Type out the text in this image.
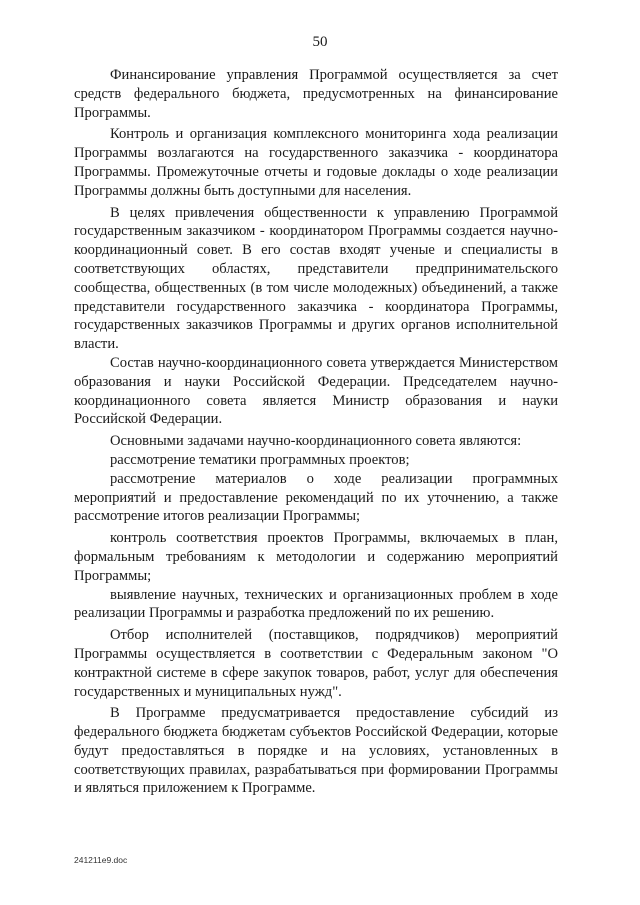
50

Финансирование управления Программой осуществляется за счет средств федерального бюджета, предусмотренных на финансирование Программы.

Контроль и организация комплексного мониторинга хода реализации Программы возлагаются на государственного заказчика - координатора Программы. Промежуточные отчеты и годовые доклады о ходе реализации Программы должны быть доступными для населения.

В целях привлечения общественности к управлению Программой государственным заказчиком - координатором Программы создается научно-координационный совет. В его состав входят ученые и специалисты в соответствующих областях, представители предпринимательского сообщества, общественных (в том числе молодежных) объединений, а также представители государственного заказчика - координатора Программы, государственных заказчиков Программы и других органов исполнительной власти.

Состав научно-координационного совета утверждается Министерством образования и науки Российской Федерации. Председателем научно-координационного совета является Министр образования и науки Российской Федерации.

Основными задачами научно-координационного совета являются:

рассмотрение тематики программных проектов;

рассмотрение материалов о ходе реализации программных мероприятий и предоставление рекомендаций по их уточнению, а также рассмотрение итогов реализации Программы;

контроль соответствия проектов Программы, включаемых в план, формальным требованиям к методологии и содержанию мероприятий Программы;

выявление научных, технических и организационных проблем в ходе реализации Программы и разработка предложений по их решению.

Отбор исполнителей (поставщиков, подрядчиков) мероприятий Программы осуществляется в соответствии с Федеральным законом "О контрактной системе в сфере закупок товаров, работ, услуг для обеспечения государственных и муниципальных нужд".

В Программе предусматривается предоставление субсидий из федерального бюджета бюджетам субъектов Российской Федерации, которые будут предоставляться в порядке и на условиях, установленных в соответствующих правилах, разрабатываться при формировании Программы и являться приложением к Программе.

241211e9.doc
